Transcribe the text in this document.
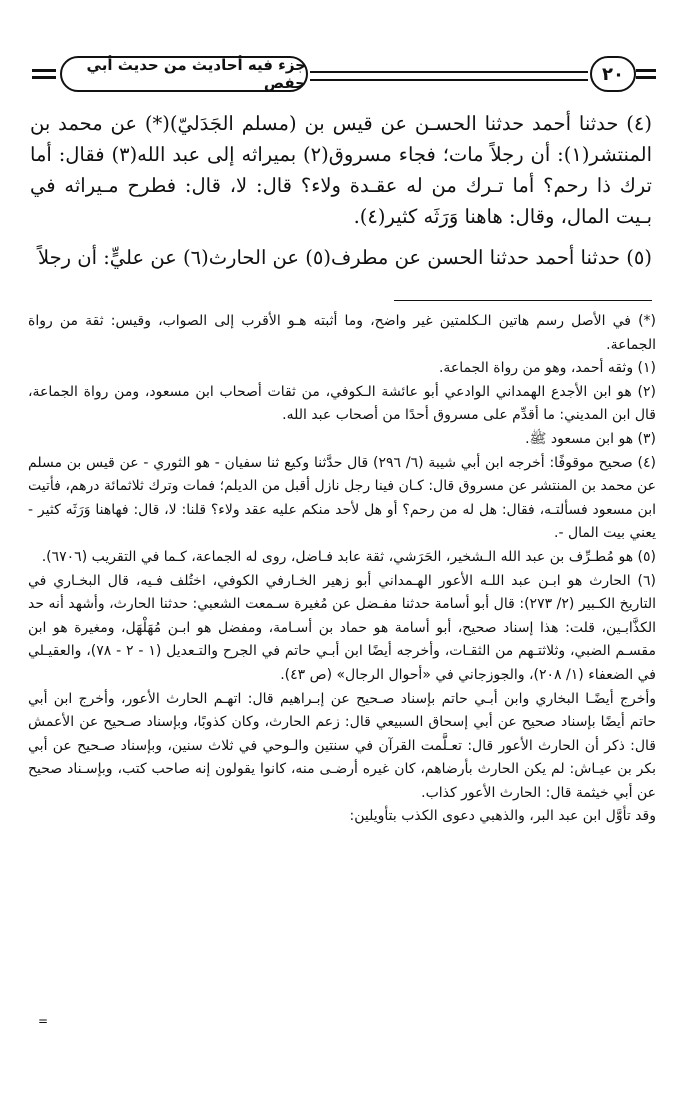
جزء فيه أحاديث من حديث أبي حفص	٢٠

(٤) حدثنا أحمد حدثنا الحسـن عن قيس بن (مسلم الجَدَليّ)(*) عن محمد بن المنتشر(١): أن رجلاً مات؛ فجاء مسروق(٢) بميراثه إلى عبد الله(٣) فقال: أما ترك ذا رحم؟ أما تـرك من له عقـدة ولاء؟ قال: لا، قال: فطرح مـيراثه في بـيت المال، وقال: هاهنا وَرَثَه كثير(٤).

(٥) حدثنا أحمد حدثنا الحسن عن مطرف(٥) عن الحارث(٦) عن عليٍّ: أن رجلاً

(*) في الأصل رسم هاتين الـكلمتين غير واضح، وما أثبته هـو الأقرب إلى الصواب، وقيس: ثقة من رواة الجماعة.

(١) وثقه أحمد، وهو من رواة الجماعة.

(٢) هو ابن الأجدع الهمداني الوادعي أبو عائشة الـكوفي، من ثقات أصحاب ابن مسعود، ومن رواة الجماعة، قال ابن المديني: ما أقدِّم على مسروق أحدًا من أصحاب عبد الله.

(٣) هو ابن مسعود ﷺ.

(٤) صحيح موقوفًا: أخرجه ابن أبي شيبة (٦/ ٢٩٦) قال حدَّثنا وكيع ثنا سفيان - هو الثوري - عن قيس بن مسلم عن محمد بن المنتشر عن مسروق قال: كـان فينا رجل نازل أقبل من الديلم؛ فمات وترك ثلاثمائة درهم، فأتيت ابن مسعود فسألتـه، فقال: هل له من رحم؟ أو هل لأحد منكم عليه عقد ولاء؟ قلنا: لا، قال: فهاهنا وَرَثَه كثير - يعني بيت المال -.

(٥) هو مُطـرِّف بن عبد الله الـشخير، الحَرَشي، ثقة عابد فـاضل، روى له الجماعة، كـما في التقريب (٦٧٠٦).

(٦) الحارث هو ابـن عبد اللـه الأعور الهـمداني أبو زهير الخـارفي الكوفي، اختُلف فـيه، قال البخـاري في التاريخ الكـبير (٢/ ٢٧٣): قال أبو أسامة حدثنا مفـضل عن مُغيرة سـمعت الشعبي: حدثنا الحارث، وأشهد أنه حد الكذَّابـين، قلت: هذا إسناد صحيح، أبو أسامة هو حماد بن أسـامة، ومفضل هو ابـن مُهَلْهَل، ومغيرة هو ابن مقسـم الضبي، وثلاثتـهم من الثقـات، وأخرجه أيضًا ابن أبـي حاتم في الجرح والتـعديل (١ - ٢ - ٧٨)، والعقيـلي في الضعفاء (١/ ٢٠٨)، والجوزجاني في «أحوال الرجال» (ص ٤٣).

وأخرج أيضًـا البخاري وابن أبـي حاتم بإسناد صـحيح عن إبـراهيم قال: اتهـم الحارث الأعور، وأخرج ابن أبي حاتم أيضًا بإسناد صحيح عن أبي إسحاق السبيعي قال: زعم الحارث، وكان كذوبًا، وبإسناد صـحيح عن الأعمش قال: ذكر أن الحارث الأعور قال: تعـلَّمت القرآن في سنتين والـوحي في ثلاث سنين، وبإسناد صـحيح عن أبي بكر بن عيـاش: لم يكن الحارث بأرضاهم، كان غيره أرضـى منه، كانوا يقولون إنه صاحب كتب، وبإسـناد صحيح عن أبي خيثمة قال: الحارث الأعور كذاب.

وقد تأوَّل ابن عبد البر، والذهبي دعوى الكذب بتأويلين:

=
